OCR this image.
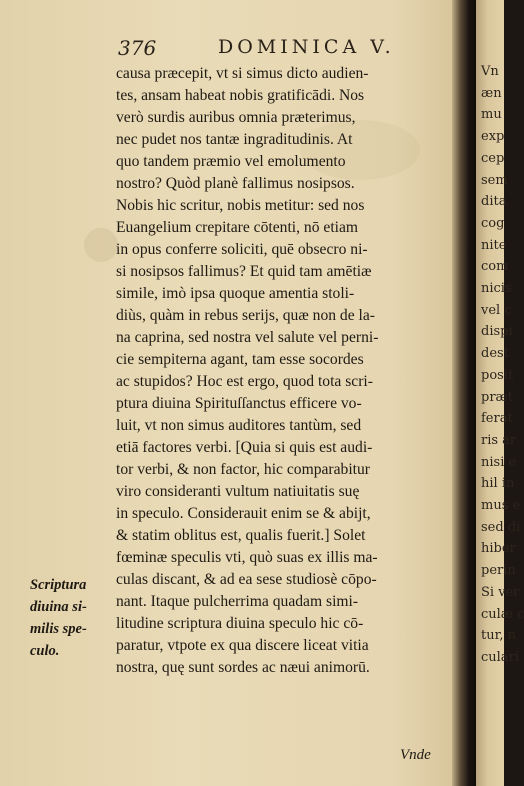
376	DOMINICA V.
causa præcepit, vt si simus dicto audien-
tes, ansam habeat nobis gratificādi. Nos
verò surdis auribus omnia præterimus,
nec pudet nos tantæ ingraditudinis. At
quo tandem præmio vel emolumento
nostro? Quòd planè fallimus nosipsos.
Nobis hic scritur, nobis metitur: sed nos
Euangelium crepitare cōtenti, nō etiam
in opus conferre soliciti, quē obsecro ni-
si nosipsos fallimus? Et quid tam amētiæ
simile, imò ipsa quoque amentia stoli-
diùs, quàm in rebus serijs, quæ non de la-
na caprina, sed nostra vel salute vel perni-
cie sempiterna agant, tam esse socordes
ac stupidos? Hoc est ergo, quod tota scri-
ptura diuina Spirituſſanctus efficere vo-
luit, vt non simus auditores tantùm, sed
etiā factores verbi. [Quia si quis est audi-
tor verbi, & non factor, hic comparabitur
viro consideranti vultum natiuitatis suę
in speculo. Considerauit enim se & abijt,
& statim oblitus est, qualis fuerit.] Solet
fœminæ speculis vti, quò suas ex illis ma-
culas discant, & ad ea sese studiosè cōpo-
nant. Itaque pulcherrima quadam simi-
litudine scriptura diuina speculo hic cō-
paratur, vtpote ex qua discere liceat vitia
nostra, quę sunt sordes ac næui animorū.
Scriptura
diuina si-
milis spe-
culo.
Vnde
Vn
æn
mu
exp
cep
sem
dita
cog
nite
com
nicis
vel c
dispi
dest
posit
præt
ferat
ris ar
nisi e
hil in
mus e
sed di
hiber
perin
Si ver
culæ c
tur, n
culari
